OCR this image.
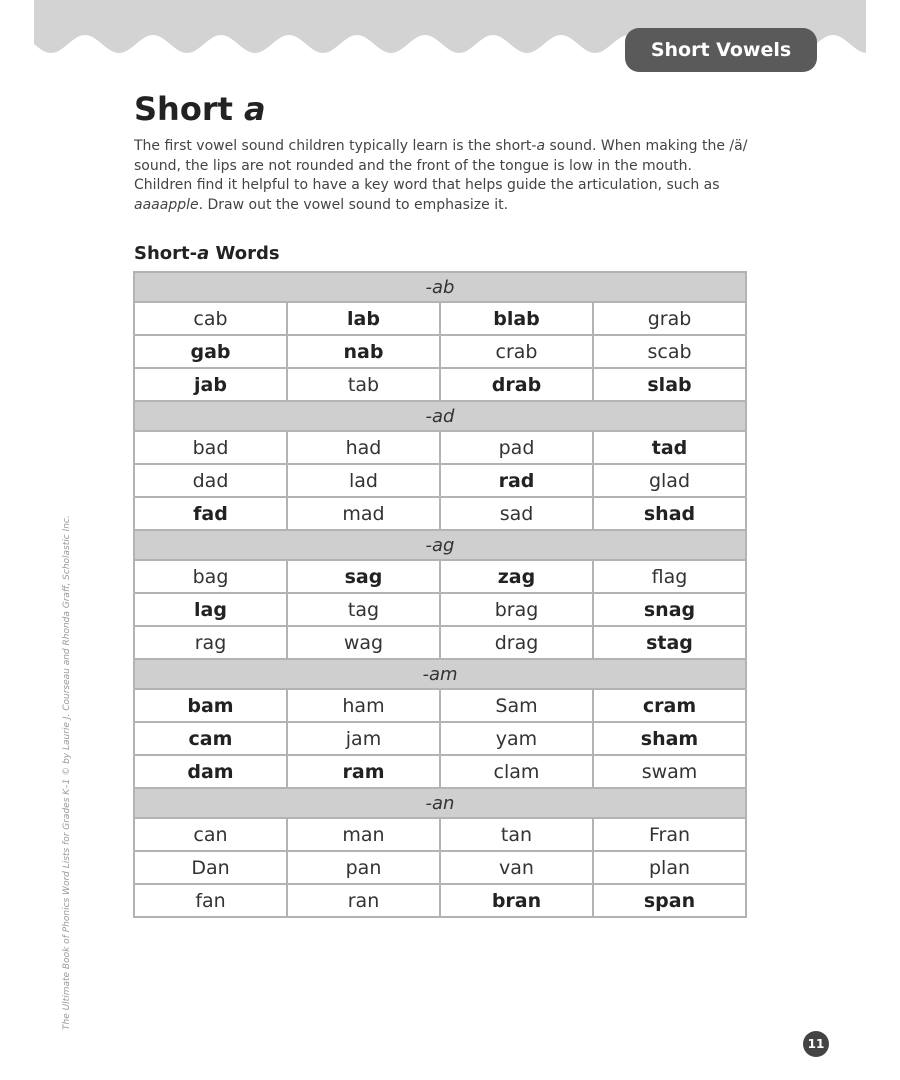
Short Vowels
Short a

The first vowel sound children typically learn is the short-a sound. When making the /ä/ sound, the lips are not rounded and the front of the tongue is low in the mouth. Children find it helpful to have a key word that helps guide the articulation, such as aaaapple. Draw out the vowel sound to emphasize it.

Short-a Words
-ab			
cab	lab	blab	grab
gab	nab	crab	scab
jab	tab	drab	slab
-ad			
bad	had	pad	tad
dad	lad	rad	glad
fad	mad	sad	shad
-ag			
bag	sag	zag	flag
lag	tag	brag	snag
rag	wag	drag	stag
-am			
bam	ham	Sam	cram
cam	jam	yam	sham
dam	ram	clam	swam
-an			
can	man	tan	Fran
Dan	pan	van	plan
fan	ran	bran	span
The Ultimate Book of Phonics Word Lists for Grades K–1 © by Laurie J. Courseau and Rhonda Graff, Scholastic Inc.
11
